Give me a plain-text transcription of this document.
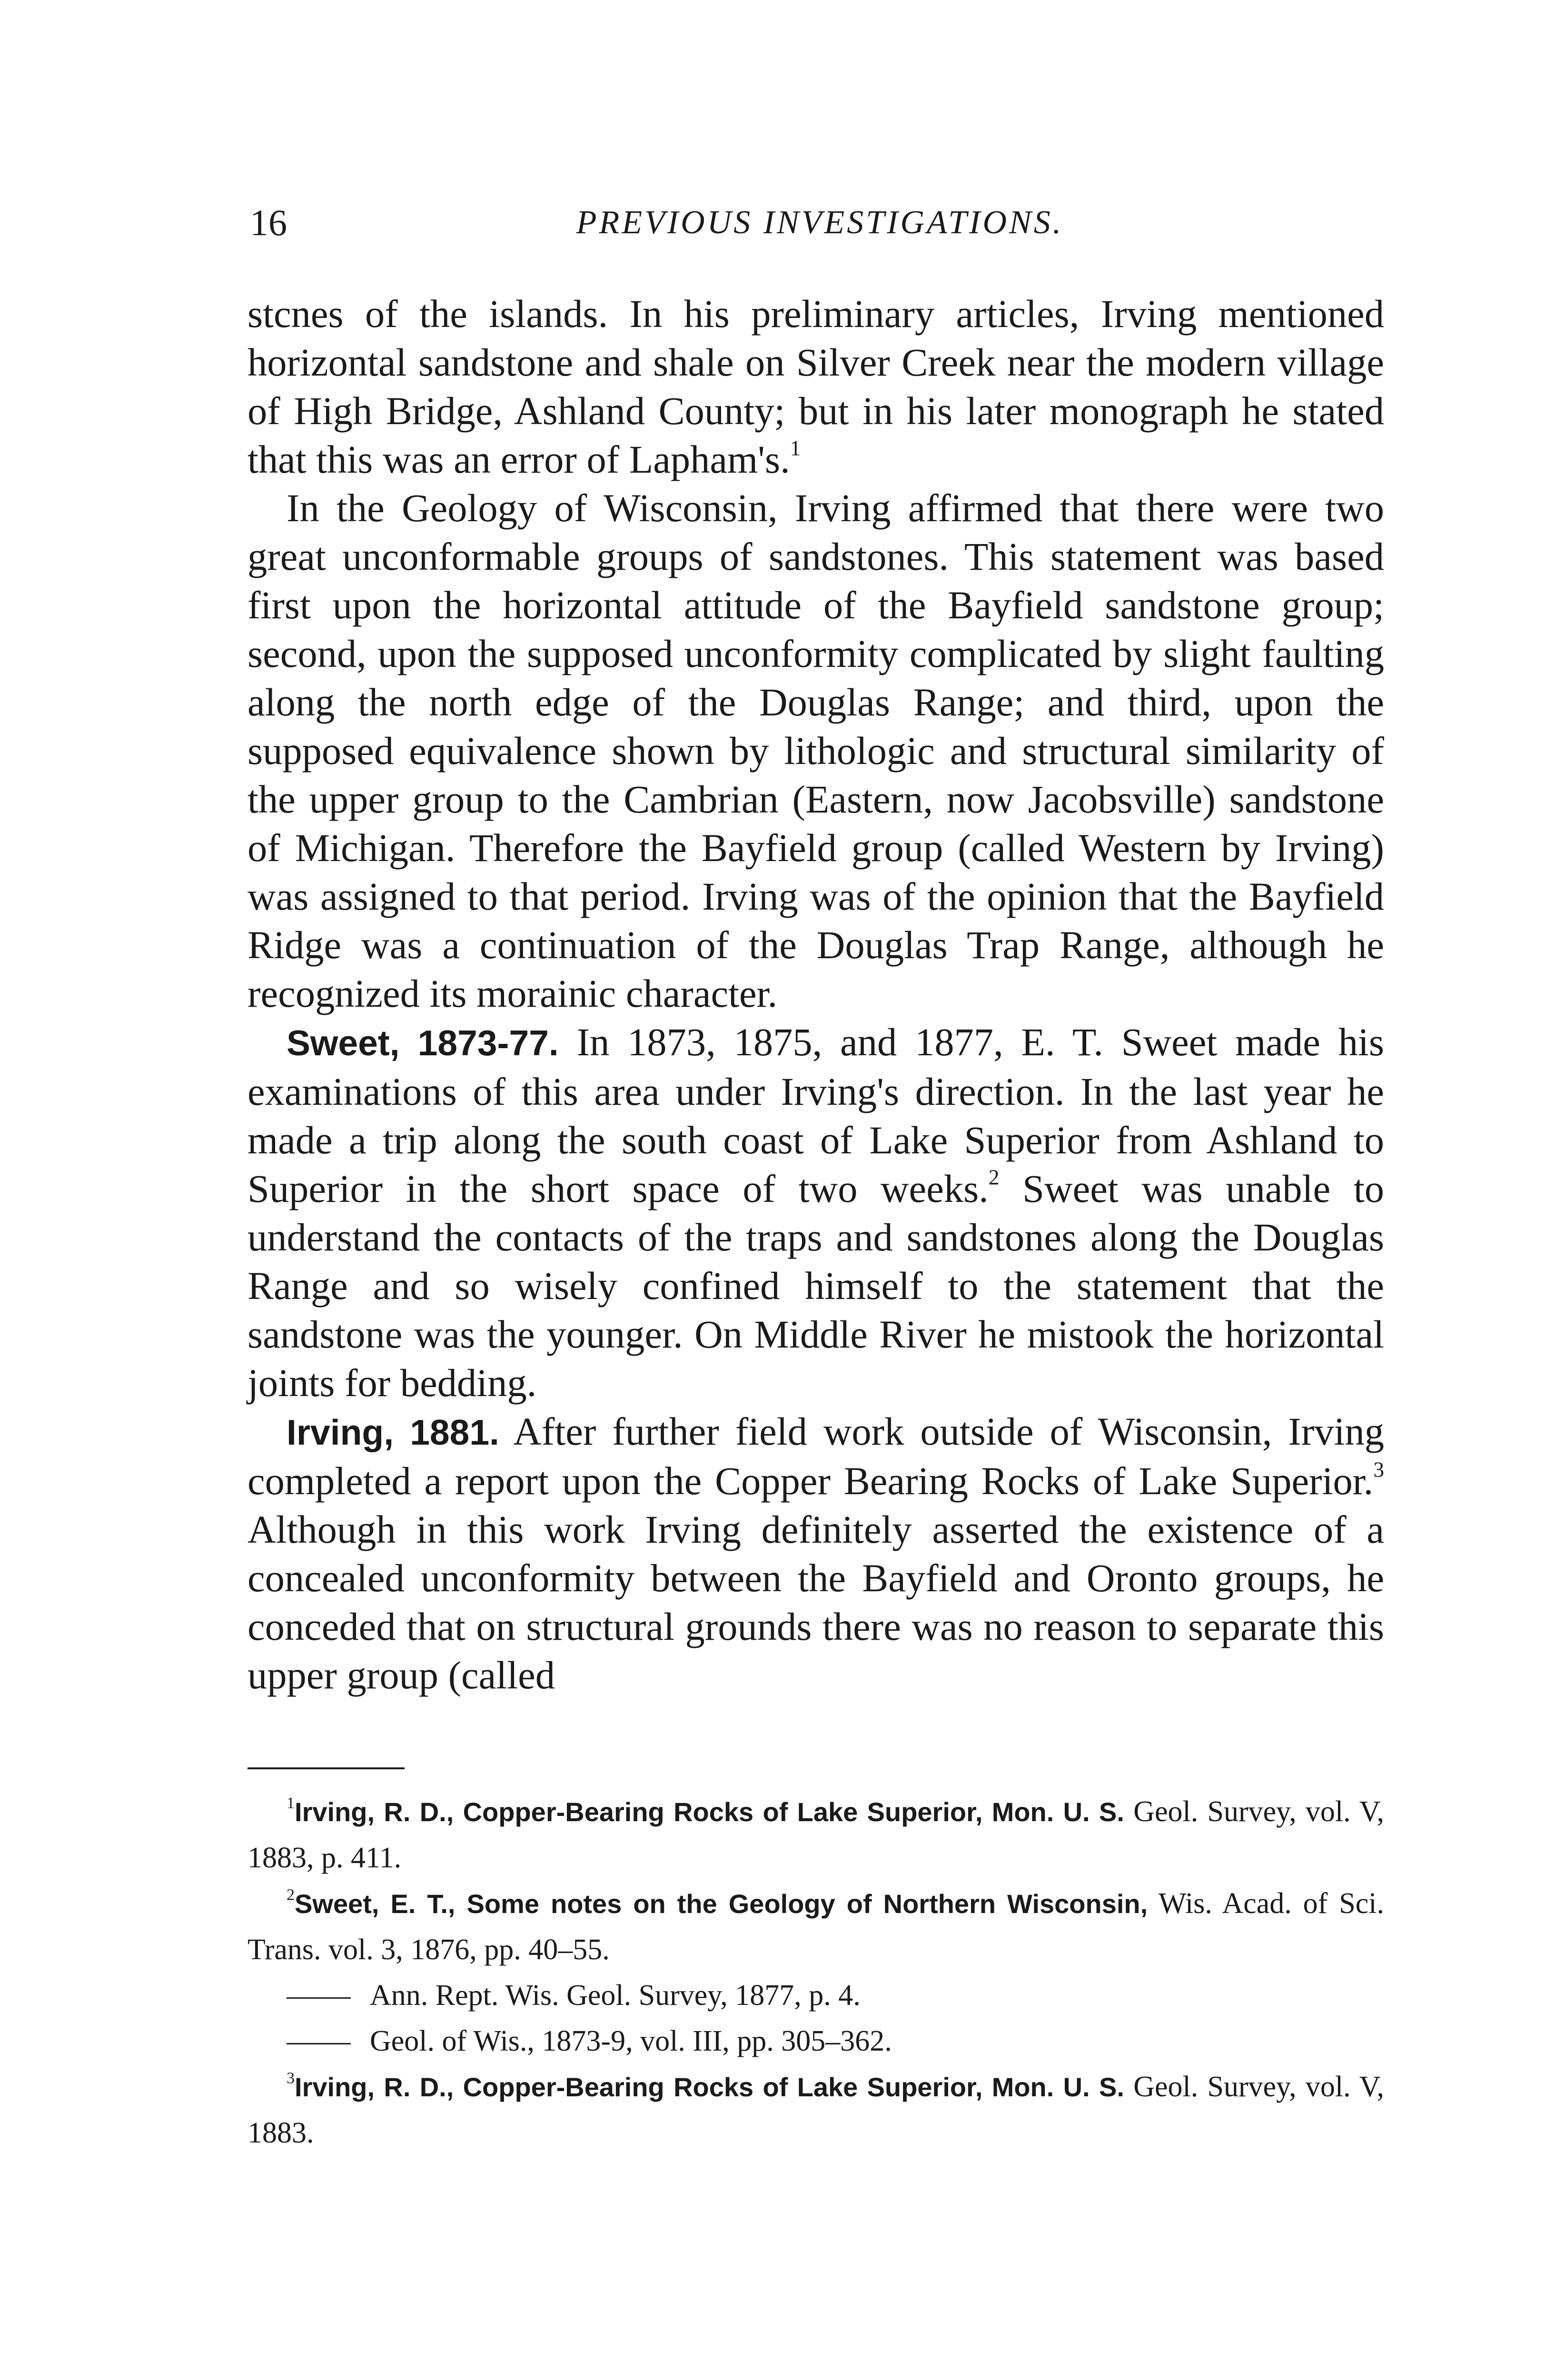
16	PREVIOUS INVESTIGATIONS.

stcnes of the islands. In his preliminary articles, Irving mentioned horizontal sandstone and shale on Silver Creek near the modern village of High Bridge, Ashland County; but in his later monograph he stated that this was an error of Lapham's.$^1$

In the Geology of Wisconsin, Irving affirmed that there were two great unconformable groups of sandstones. This statement was based first upon the horizontal attitude of the Bayfield sandstone group; second, upon the supposed unconformity complicated by slight faulting along the north edge of the Douglas Range; and third, upon the supposed equivalence shown by lithologic and structural similarity of the upper group to the Cambrian (Eastern, now Jacobsville) sandstone of Michigan. Therefore the Bayfield group (called Western by Irving) was assigned to that period. Irving was of the opinion that the Bayfield Ridge was a continuation of the Douglas Trap Range, although he recognized its morainic character.

Sweet, 1873-77. In 1873, 1875, and 1877, E. T. Sweet made his examinations of this area under Irving's direction. In the last year he made a trip along the south coast of Lake Superior from Ashland to Superior in the short space of two weeks.$^2$ Sweet was unable to understand the contacts of the traps and sandstones along the Douglas Range and so wisely confined himself to the statement that the sandstone was the younger. On Middle River he mistook the horizontal joints for bedding.

Irving, 1881. After further field work outside of Wisconsin, Irving completed a report upon the Copper Bearing Rocks of Lake Superior.$^3$ Although in this work Irving definitely asserted the existence of a concealed unconformity between the Bayfield and Oronto groups, he conceded that on structural grounds there was no reason to separate this upper group (called

$^1$Irving, R. D., Copper-Bearing Rocks of Lake Superior, Mon. U. S. Geol. Survey, vol. V, 1883, p. 411.

$^2$Sweet, E. T., Some notes on the Geology of Northern Wisconsin, Wis. Acad. of Sci. Trans. vol. 3, 1876, pp. 40–55.

Ann. Rept. Wis. Geol. Survey, 1877, p. 4.

Geol. of Wis., 1873-9, vol. III, pp. 305–362.

$^3$Irving, R. D., Copper-Bearing Rocks of Lake Superior, Mon. U. S. Geol. Survey, vol. V, 1883.
